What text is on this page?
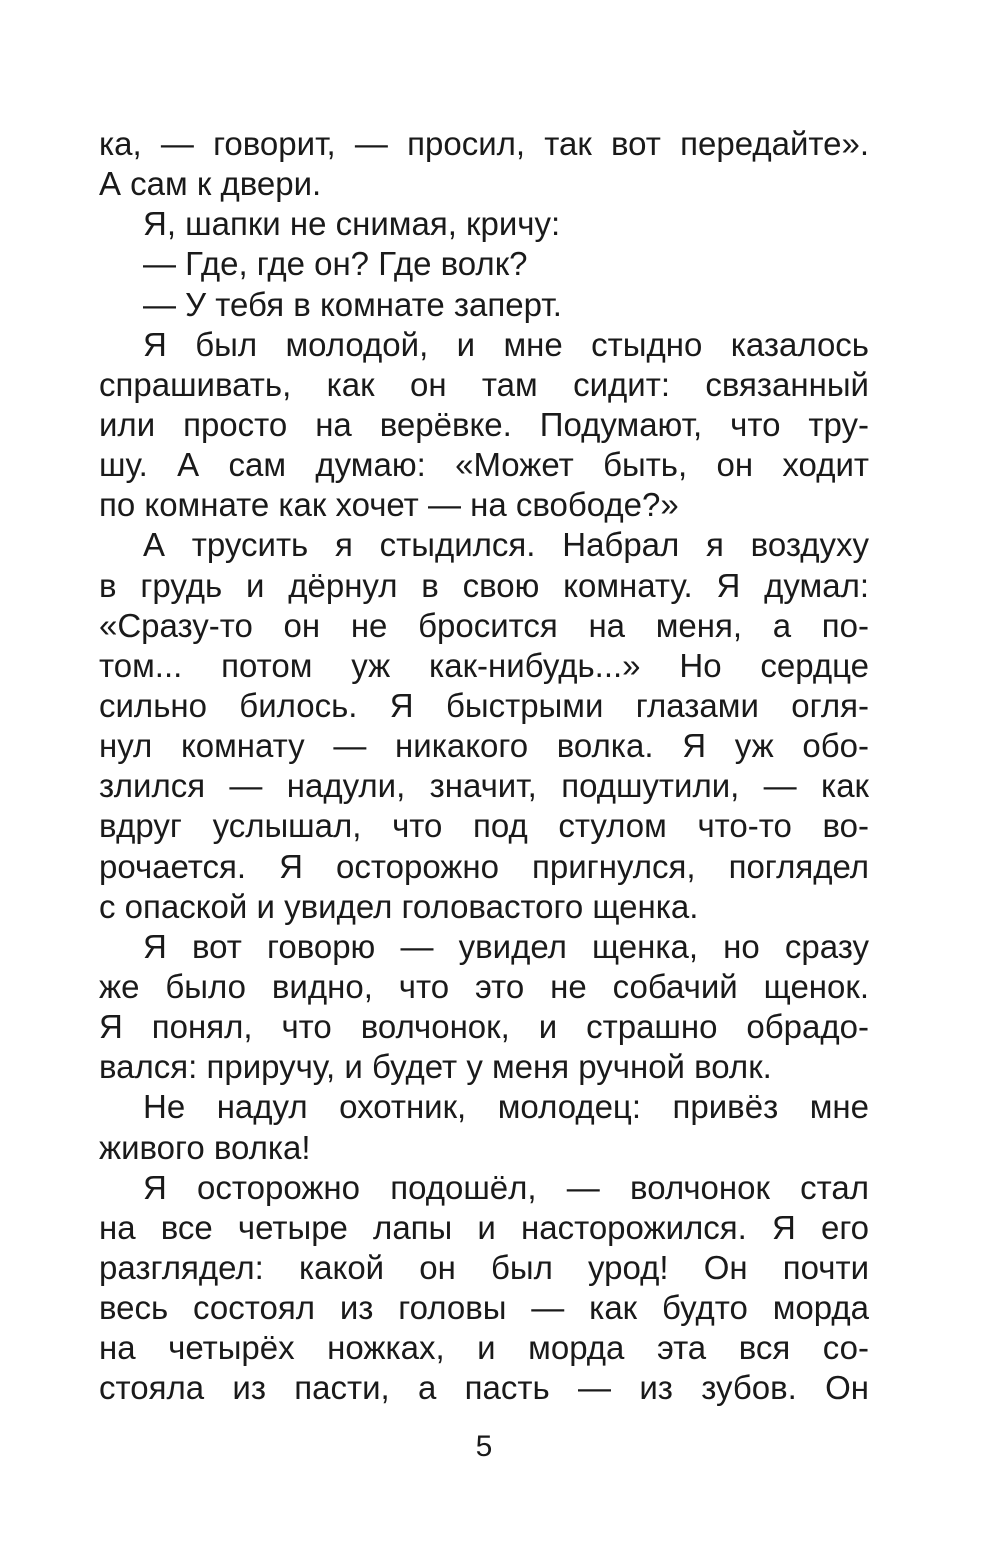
ка, — говорит, — просил, так вот передайте».
А сам к двери.
Я, шапки не снимая, кричу:
— Где, где он? Где волк?
— У тебя в комнате заперт.
Я был молодой, и мне стыдно казалось
спрашивать, как он там сидит: связанный
или просто на верёвке. Подумают, что тру-
шу. А сам думаю: «Может быть, он ходит
по комнате как хочет — на свободе?»
А трусить я стыдился. Набрал я воздуху
в грудь и дёрнул в свою комнату. Я думал:
«Сразу-то он не бросится на меня, а по-
том... потом уж как-нибудь...» Но сердце
сильно билось. Я быстрыми глазами огля-
нул комнату — никакого волка. Я уж обо-
злился — надули, значит, подшутили, — как
вдруг услышал, что под стулом что-то во-
рочается. Я осторожно пригнулся, поглядел
с опаской и увидел головастого щенка.
Я вот говорю — увидел щенка, но сразу
же было видно, что это не собачий щенок.
Я понял, что волчонок, и страшно обрадо-
вался: приручу, и будет у меня ручной волк.
Не надул охотник, молодец: привёз мне
живого волка!
Я осторожно подошёл, — волчонок стал
на все четыре лапы и насторожился. Я его
разглядел: какой он был урод! Он почти
весь состоял из головы — как будто морда
на четырёх ножках, и морда эта вся со-
стояла из пасти, а пасть — из зубов. Он
5
